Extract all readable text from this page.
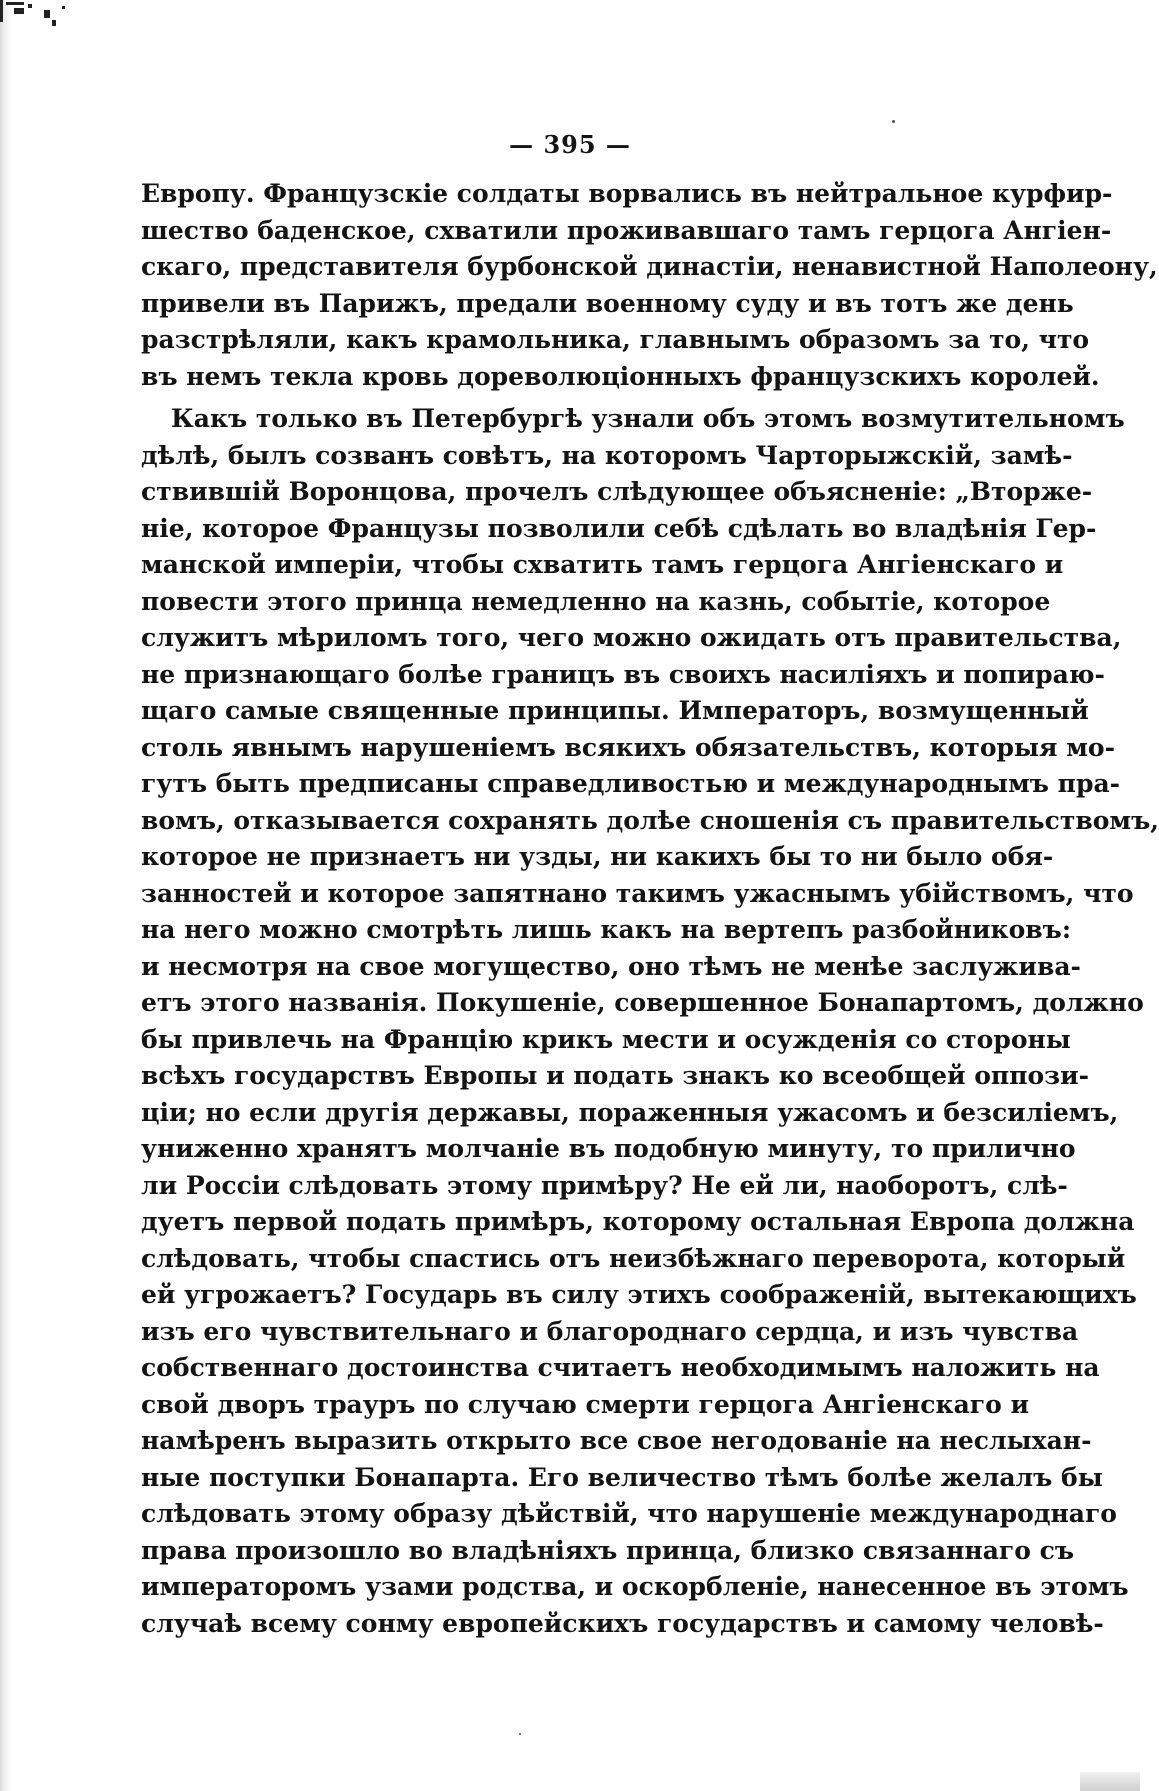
— 395 —
Европу. Французскіе солдаты ворвались въ нейтральное курфир-
шество баденское, схватили проживавшаго тамъ герцога Ангіен-
скаго, представителя бурбонской династіи, ненавистной Наполеону,
привели въ Парижъ, предали военному суду и въ тотъ же день
разстрѣляли, какъ крамольника, главнымъ образомъ за то, что
въ немъ текла кровь дореволюціонныхъ французскихъ королей.
Какъ только въ Петербургѣ узнали объ этомъ возмутительномъ
дѣлѣ, былъ созванъ совѣтъ, на которомъ Чарторыжскій, замѣ-
ствившій Воронцова, прочелъ слѣдующее объясненіе: „Вторже-
ніе, которое Французы позволили себѣ сдѣлать во владѣнія Гер-
манской имперіи, чтобы схватить тамъ герцога Ангіенскаго и
повести этого принца немедленно на казнь, событіе, которое
служитъ мѣриломъ того, чего можно ожидать отъ правительства,
не признающаго болѣе границъ въ своихъ насиліяхъ и попираю-
щаго самые священные принципы. Императоръ, возмущенный
столь явнымъ нарушеніемъ всякихъ обязательствъ, которыя мо-
гутъ быть предписаны справедливостью и международнымъ пра-
вомъ, отказывается сохранять долѣе сношенія съ правительствомъ,
которое не признаетъ ни узды, ни какихъ бы то ни было обя-
занностей и которое запятнано такимъ ужаснымъ убійствомъ, что
на него можно смотрѣть лишь какъ на вертепъ разбойниковъ:
и несмотря на свое могущество, оно тѣмъ не менѣе заслужива-
етъ этого названія. Покушеніе, совершенное Бонапартомъ, должно
бы привлечь на Францію крикъ мести и осужденія со стороны
всѣхъ государствъ Европы и подать знакъ ко всеобщей оппози-
ціи; но если другія державы, пораженныя ужасомъ и безсиліемъ,
униженно хранятъ молчаніе въ подобную минуту, то прилично
ли Россіи слѣдовать этому примѣру? Не ей ли, наоборотъ, слѣ-
дуетъ первой подать примѣръ, которому остальная Европа должна
слѣдовать, чтобы спастись отъ неизбѣжнаго переворота, который
ей угрожаетъ? Государь въ силу этихъ соображеній, вытекающихъ
изъ его чувствительнаго и благороднаго сердца, и изъ чувства
собственнаго достоинства считаетъ необходимымъ наложить на
свой дворъ трауръ по случаю смерти герцога Ангіенскаго и
намѣренъ выразить открыто все свое негодованіе на неслыхан-
ные поступки Бонапарта. Его величество тѣмъ болѣе желалъ бы
слѣдовать этому образу дѣйствій, что нарушеніе международнаго
права произошло во владѣніяхъ принца, близко связаннаго съ
императоромъ узами родства, и оскорбленіе, нанесенное въ этомъ
случаѣ всему сонму европейскихъ государствъ и самому человѣ-
